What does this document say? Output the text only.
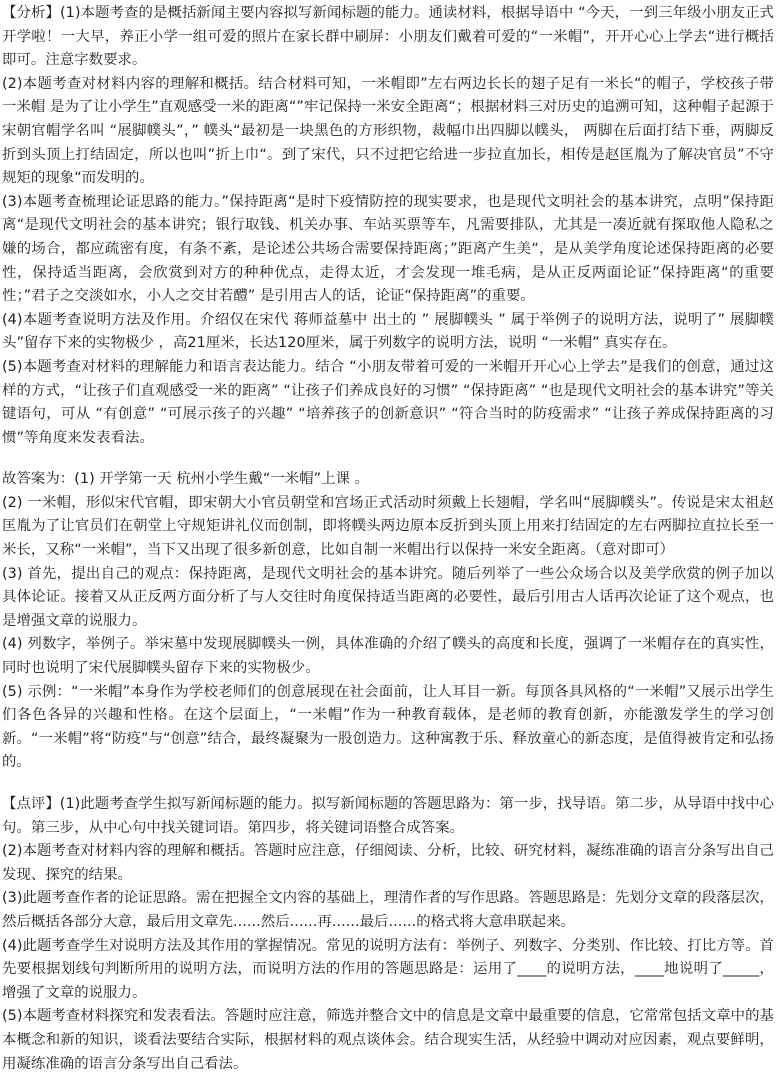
【分析】(1)本题考查的是概括新闻主要内容拟写新闻标题的能力。通读材料，根据导语中 “今天，一到三年级小朋友正式开学啦！一大早，养正小学一组可爱的照片在家长群中刷屏：小朋友们戴着可爱的“一米帽”，开开心心上学去“进行概括即可。注意字数要求。

(2)本题考查对材料内容的理解和概括。结合材料可知，一米帽即”左右两边长长的翅子足有一米长“的帽子，学校孩子带 一米帽 是为了让小学生”直观感受一米的距离“”牢记保持一米安全距离“；根据材料三对历史的追溯可知，这种帽子起源于宋朝官帽学名叫 “展脚幞头”，” 幞头“最初是一块黑色的方形织物，裁幅巾出四脚以幞头， 两脚在后面打结下垂，两脚反折到头顶上打结固定，所以也叫”折上巾“。到了宋代，只不过把它给进一步拉直加长，相传是赵匡胤为了解决官员”不守规矩的现象“而发明的。

(3)本题考查梳理论证思路的能力。”保持距离“是时下疫情防控的现实要求，也是现代文明社会的基本讲究，点明”保持距离“是现代文明社会的基本讲究；银行取钱、机关办事、车站买票等车，凡需要排队，尤其是一凑近就有探取他人隐私之嫌的场合，都应疏密有度，有条不紊，是论述公共场合需要保持距离；”距离产生美“，是从美学角度论述保持距离的必要性，保持适当距离，会欣赏到对方的种种优点，走得太近，才会发现一堆毛病，是从正反两面论证”保持距离“的重要性；”君子之交淡如水，小人之交甘若醴” 是引用古人的话，论证“保持距离”的重要。

(4)本题考查说明方法及作用。介绍仅在宋代 蒋师益墓中 出土的 ” 展脚幞头 ” 属于举例子的说明方法，说明了” 展脚幞头”留存下来的实物极少 ，高21厘米，长达120厘米，属于列数字的说明方法，说明 “一米帽” 真实存在。

(5)本题考查对材料的理解能力和语言表达能力。结合 “小朋友带着可爱的一米帽开开心心上学去”是我们的创意，通过这样的方式，“让孩子们直观感受一米的距离” “让孩子们养成良好的习惯” “保持距离” “也是现代文明社会的基本讲究”等关键语句，可从 “有创意” “可展示孩子的兴趣” “培养孩子的创新意识” “符合当时的防疫需求” “让孩子养成保持距离的习惯”等角度来发表看法。

故答案为：(1) 开学第一天 杭州小学生戴“一米帽”上课 。

(2) 一米帽，形似宋代官帽，即宋朝大小官员朝堂和宫场正式活动时须戴上长翅帽，学名叫“展脚幞头”。传说是宋太祖赵匡胤为了让官员们在朝堂上守规矩讲礼仪而创制，即将幞头两边原本反折到头顶上用来打结固定的左右两脚拉直拉长至一米长，又称“一米帽”，当下又出现了很多新创意，比如自制一米帽出行以保持一米安全距离。（意对即可）

(3) 首先，提出自己的观点：保持距离，是现代文明社会的基本讲究。随后列举了一些公众场合以及美学欣赏的例子加以具体论证。接着又从正反两方面分析了与人交往时角度保持适当距离的必要性，最后引用古人话再次论证了这个观点，也是增强文章的说服力。

(4) 列数字，举例子。举宋墓中发现展脚幞头一例，具体准确的介绍了幞头的高度和长度，强调了一米帽存在的真实性，同时也说明了宋代展脚幞头留存下来的实物极少。

(5) 示例：“一米帽”本身作为学校老师们的创意展现在社会面前，让人耳目一新。每顶各具风格的“一米帽”又展示出学生们各色各异的兴趣和性格。在这个层面上，“一米帽”作为一种教育载体，是老师的教育创新，亦能激发学生的学习创新。“一米帽”将“防疫”与“创意”结合，最终凝聚为一股创造力。这种寓教于乐、释放童心的新态度，是值得被肯定和弘扬的。

【点评】(1)此题考查学生拟写新闻标题的能力。拟写新闻标题的答题思路为：第一步，找导语。第二步，从导语中找中心句。第三步，从中心句中找关键词语。第四步，将关键词语整合成答案。

(2)本题考查对材料内容的理解和概括。答题时应注意，仔细阅读、分析，比较、研究材料，凝练准确的语言分条写出自己发现、探究的结果。

(3)此题考查作者的论证思路。需在把握全文内容的基础上，理清作者的写作思路。答题思路是：先划分文章的段落层次，然后概括各部分大意，最后用文章先......然后......再......最后......的格式将大意串联起来。

(4)此题考查学生对说明方法及其作用的掌握情况。常见的说明方法有：举例子、列数字、分类别、作比较、打比方等。首先要根据划线句判断所用的说明方法，而说明方法的作用的答题思路是：运用了____的说明方法，____地说明了_____， 增强了文章的说服力。

(5)本题考查材料探究和发表看法。答题时应注意，筛选并整合文中的信息是文章中最重要的信息，它常常包括文章中的基本概念和新的知识，谈看法要结合实际，根据材料的观点谈体会。结合现实生活，从经验中调动对应因素，观点要鲜明，用凝练准确的语言分条写出自己看法。
